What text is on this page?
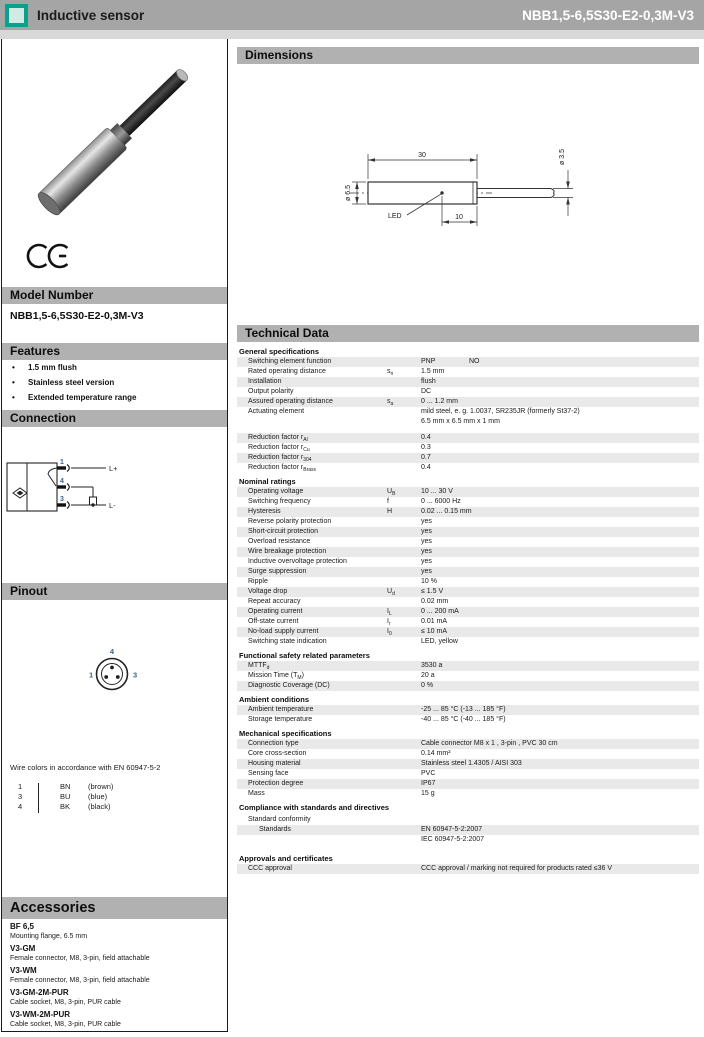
Inductive sensor	NBB1,5-6,5S30-E2-0,3M-V3
Model Number
NBB1,5-6,5S30-E2-0,3M-V3
Features
•	1.5 mm flush
•	Stainless steel version
•	Extended temperature range
Connection
1
4
3
L+
L-
Pinout
4
1	3
Wire colors in accordance with EN 60947-5-2
1	BN (brown)
3	BU (blue)
4	BK (black)
Accessories
BF 6,5
Mounting flange, 6.5 mm
V3-GM
Female connector, M8, 3-pin, field attachable
V3-WM
Female connector, M8, 3-pin, field attachable
V3-GM-2M-PUR
Cable socket, M8, 3-pin, PUR cable
V3-WM-2M-PUR
Cable socket, M8, 3-pin, PUR cable
Dimensions
30
ø 6.5
ø 3.5
LED	10
Technical Data
General specifications
Switching element function	PNP	NO
Rated operating distance	$s_n$	1.5 mm
Installation	flush
Output polarity	DC
Assured operating distance	$s_a$	0 ... 1.2 mm
Actuating element	mild steel, e. g. 1.0037, SR235JR (formerly St37-2)
6.5 mm x 6.5 mm x 1 mm
Reduction factor $r_{Al}$	0.4
Reduction factor $r_{Cu}$	0.3
Reduction factor $r_{304}$	0.7
Reduction factor $r_{Brass}$	0.4
Nominal ratings
Operating voltage	$U_B$	10 ... 30 V
Switching frequency	f	0 ... 6000 Hz
Hysteresis	H	0.02 ... 0.15 mm
Reverse polarity protection	yes
Short-circuit protection	yes
Overload resistance	yes
Wire breakage protection	yes
Inductive overvoltage protection	yes
Surge suppression	yes
Ripple	10 %
Voltage drop	$U_d$	≤ 1.5 V
Repeat accuracy	0.02 mm
Operating current	$I_L$	0 ... 200 mA
Off-state current	$I_r$	0.01 mA
No-load supply current	$I_0$	≤ 10 mA
Switching state indication	LED, yellow
Functional safety related parameters
$MTTF_d$	3530 a
Mission Time $(T_M)$	20 a
Diagnostic Coverage (DC)	0 %
Ambient conditions
Ambient temperature	-25 ... 85 °C (-13 ... 185 °F)
Storage temperature	-40 ... 85 °C (-40 ... 185 °F)
Mechanical specifications
Connection type	Cable connector M8 x 1 , 3-pin , PVC 30 cm
Core cross-section	0.14 mm²
Housing material	Stainless steel 1.4305 / AISI 303
Sensing face	PVC
Protection degree	IP67
Mass	15 g
Compliance with standards and directives
Standard conformity
Standards	EN 60947-5-2:2007
IEC 60947-5-2:2007
Approvals and certificates
CCC approval	CCC approval / marking not required for products rated ≤36 V
